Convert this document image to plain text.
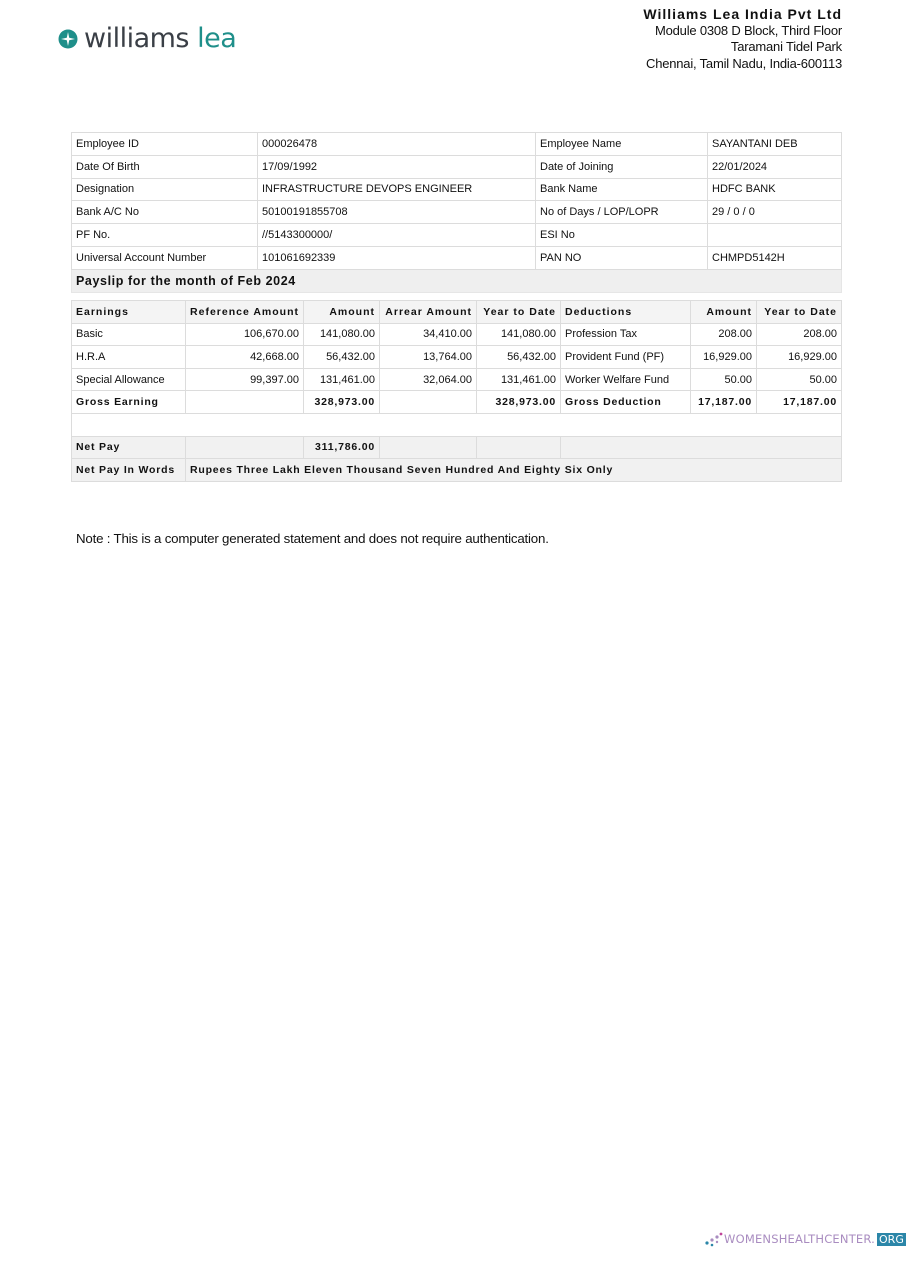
williams lea
Williams Lea India Pvt Ltd
Module 0308 D Block, Third Floor
Taramani Tidel Park
Chennai, Tamil Nadu, India-600113
Employee ID	000026478	Employee Name	SAYANTANI DEB
Date Of Birth	17/09/1992	Date of Joining	22/01/2024
Designation	INFRASTRUCTURE DEVOPS ENGINEER	Bank Name	HDFC BANK
Bank A/C No	50100191855708	No of Days / LOP/LOPR	29 / 0 / 0
PF No.	//5143300000/	ESI No	
Universal Account Number	101061692339	PAN NO	CHMPD5142H
Payslip for the month of Feb 2024			
Earnings	Reference Amount	Amount	Arrear Amount	Year to Date	Deductions	Amount	Year to Date
Basic	106,670.00	141,080.00	34,410.00	141,080.00	Profession Tax	208.00	208.00
H.R.A	42,668.00	56,432.00	13,764.00	56,432.00	Provident Fund (PF)	16,929.00	16,929.00
Special Allowance	99,397.00	131,461.00	32,064.00	131,461.00	Worker Welfare Fund	50.00	50.00
Gross Earning		328,973.00		328,973.00	Gross Deduction	17,187.00	17,187.00

Net Pay		311,786.00					
Net Pay In Words	Rupees Three Lakh Eleven Thousand Seven Hundred And Eighty Six Only						
Note : This is a computer generated statement and does not require authentication.
WOMENSHEALTHCENTER. ORG
